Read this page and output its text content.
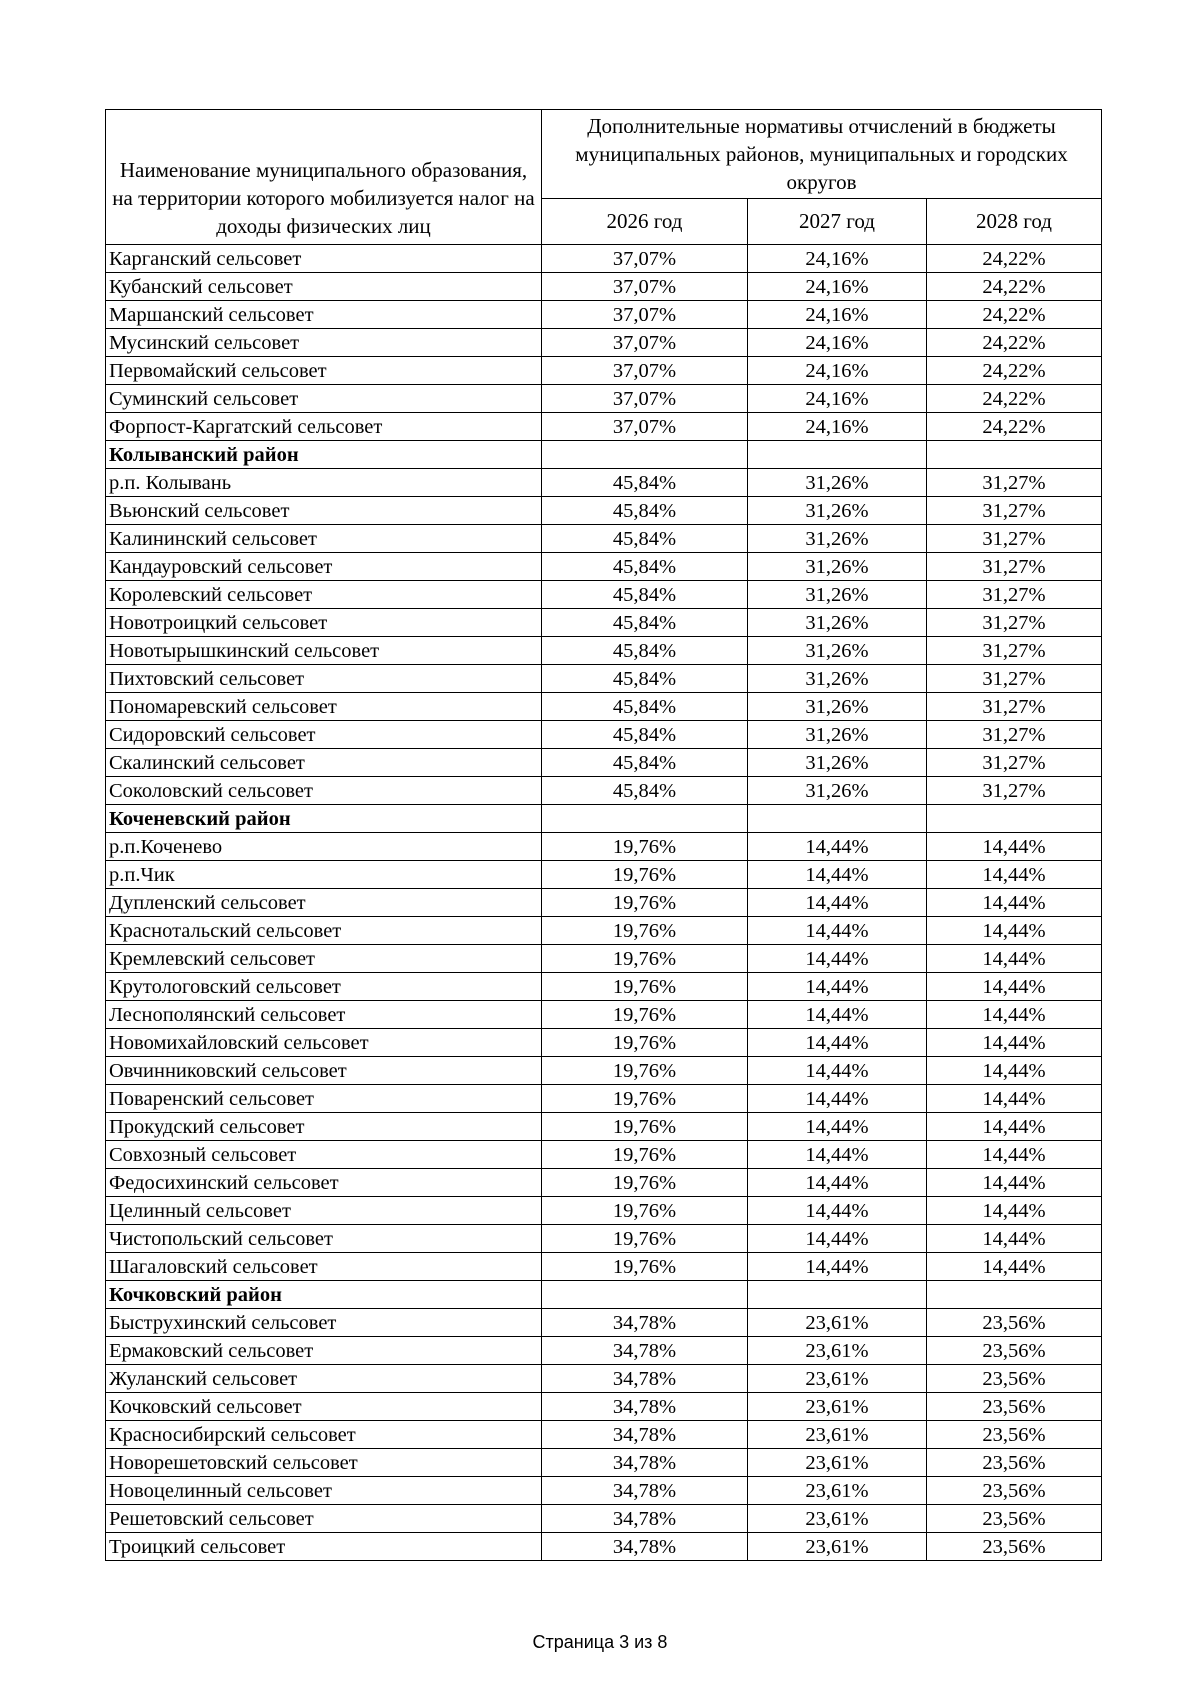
Наименование муниципального образования, на территории которого мобилизуется налог на доходы физических лиц	Дополнительные нормативы отчислений в бюджеты муниципальных районов, муниципальных и городских округов		
	2026 год	2027 год	2028 год
Карганский сельсовет	37,07%	24,16%	24,22%
Кубанский сельсовет	37,07%	24,16%	24,22%
Маршанский сельсовет	37,07%	24,16%	24,22%
Мусинский сельсовет	37,07%	24,16%	24,22%
Первомайский сельсовет	37,07%	24,16%	24,22%
Суминский сельсовет	37,07%	24,16%	24,22%
Форпост-Каргатский сельсовет	37,07%	24,16%	24,22%
Колыванский район			
р.п. Колывань	45,84%	31,26%	31,27%
Вьюнский сельсовет	45,84%	31,26%	31,27%
Калининский сельсовет	45,84%	31,26%	31,27%
Кандауровский сельсовет	45,84%	31,26%	31,27%
Королевский сельсовет	45,84%	31,26%	31,27%
Новотроицкий сельсовет	45,84%	31,26%	31,27%
Новотырышкинский сельсовет	45,84%	31,26%	31,27%
Пихтовский сельсовет	45,84%	31,26%	31,27%
Пономаревский сельсовет	45,84%	31,26%	31,27%
Сидоровский сельсовет	45,84%	31,26%	31,27%
Скалинский сельсовет	45,84%	31,26%	31,27%
Соколовский сельсовет	45,84%	31,26%	31,27%
Коченевский район			
р.п.Коченево	19,76%	14,44%	14,44%
р.п.Чик	19,76%	14,44%	14,44%
Дупленский сельсовет	19,76%	14,44%	14,44%
Краснотальский сельсовет	19,76%	14,44%	14,44%
Кремлевский сельсовет	19,76%	14,44%	14,44%
Крутологовский сельсовет	19,76%	14,44%	14,44%
Леснополянский сельсовет	19,76%	14,44%	14,44%
Новомихайловский сельсовет	19,76%	14,44%	14,44%
Овчинниковский сельсовет	19,76%	14,44%	14,44%
Поваренский сельсовет	19,76%	14,44%	14,44%
Прокудский сельсовет	19,76%	14,44%	14,44%
Совхозный сельсовет	19,76%	14,44%	14,44%
Федосихинский сельсовет	19,76%	14,44%	14,44%
Целинный сельсовет	19,76%	14,44%	14,44%
Чистопольский сельсовет	19,76%	14,44%	14,44%
Шагаловский сельсовет	19,76%	14,44%	14,44%
Кочковский район			
Быструхинский сельсовет	34,78%	23,61%	23,56%
Ермаковский сельсовет	34,78%	23,61%	23,56%
Жуланский сельсовет	34,78%	23,61%	23,56%
Кочковский сельсовет	34,78%	23,61%	23,56%
Красносибирский сельсовет	34,78%	23,61%	23,56%
Новорешетовский сельсовет	34,78%	23,61%	23,56%
Новоцелинный сельсовет	34,78%	23,61%	23,56%
Решетовский сельсовет	34,78%	23,61%	23,56%
Троицкий сельсовет	34,78%	23,61%	23,56%
Страница 3 из 8
